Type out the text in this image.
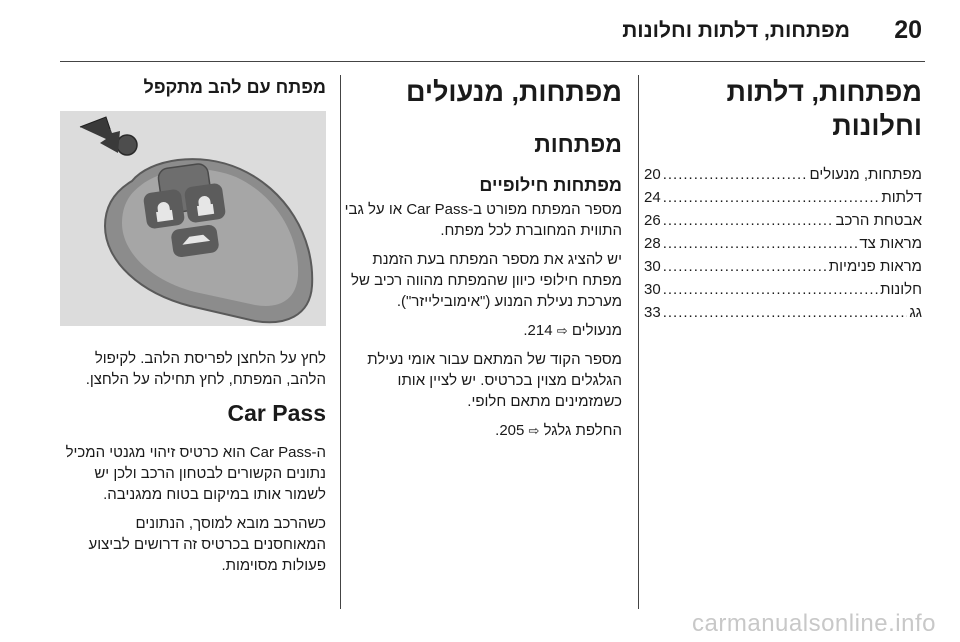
20
מפתחות, דלתות וחלונות
מפתחות, דלתות וחלונות
מפתחות, מנעולים
.....
20
דלתות
.....
24
אבטחת הרכב
.....
26
מראות צד
.....
28
מראות פנימיות
.....
30
חלונות
.....
30
גג
.....
33
מפתחות, מנעולים
מפתחות
מפתחות חילופיים

מספר המפתח מפורט ב-Car Pass או על גבי התווית המחוברת לכל מפתח.

יש להציג את מספר המפתח בעת הזמנת מפתח חילופי כיוון שהמפתח מהווה רכיב של מערכת נעילת המנוע ("אימובילייזר").

מנעולים ⇨ 214.

מספר הקוד של המתאם עבור אומי נעילת הגלגלים מצוין בכרטיס. יש לציין אותו כשמזמינים מתאם חלופי.

החלפת גלגל ⇨ 205.

מפתח עם להב מתקפל

לחץ על הלחצן לפריסת הלהב. לקיפול הלהב, המפתח, לחץ תחילה על הלחצן.

Car Pass

ה-Car Pass הוא כרטיס זיהוי מגנטי המכיל נתונים הקשורים לבטחון הרכב ולכן יש לשמור אותו במיקום בטוח ממגניבה.

כשהרכב מובא למוסך, הנתונים המאוחסנים בכרטיס זה דרושים לביצוע פעולות מסוימות.

carmanualsonline.info
